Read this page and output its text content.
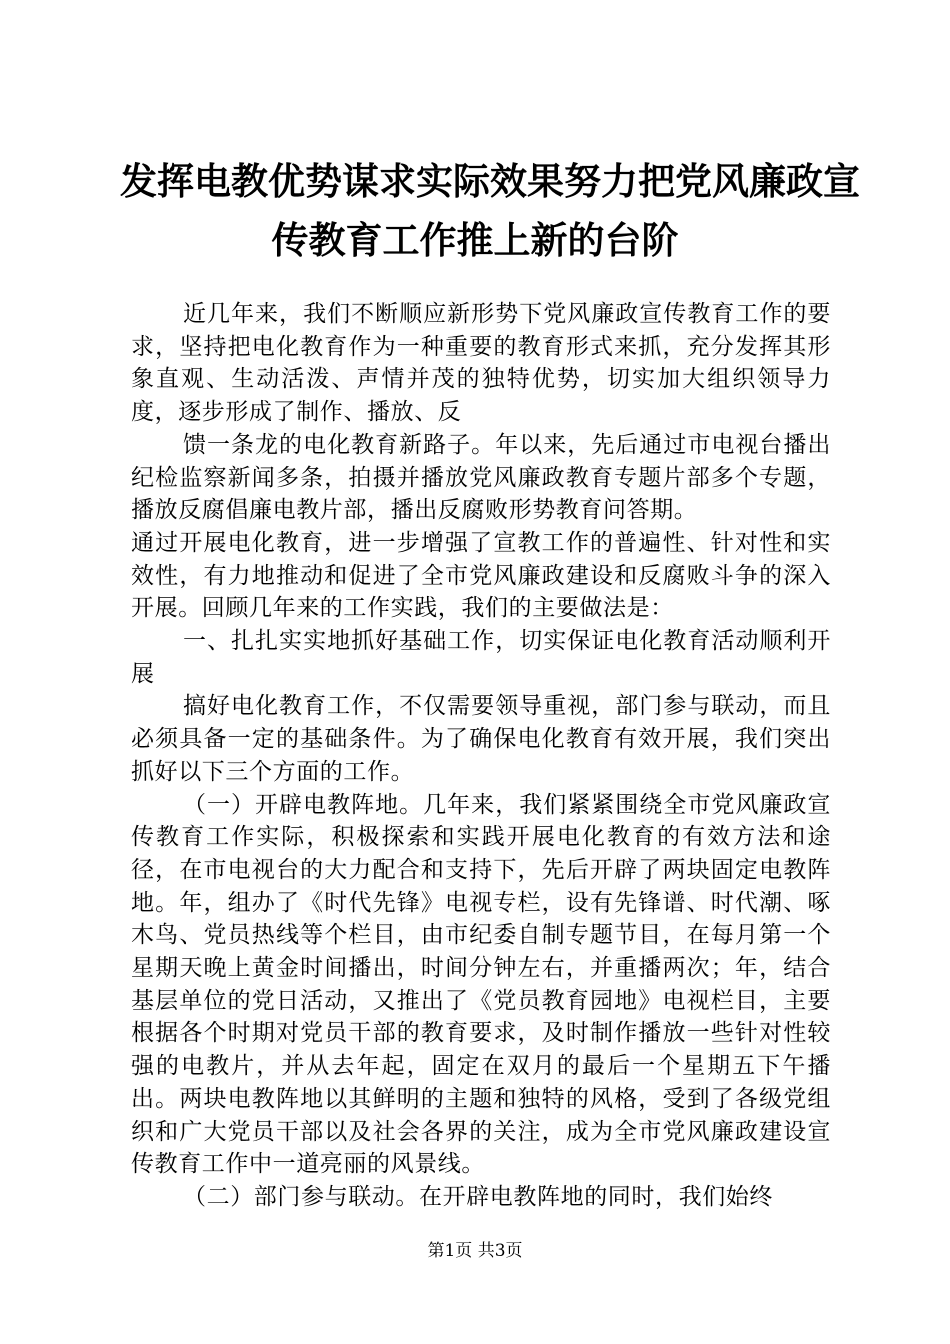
发挥电教优势谋求实际效果努力把党风廉政宣
传教育工作推上新的台阶

近几年来，我们不断顺应新形势下党风廉政宣传教育工作的要求，坚持把电化教育作为一种重要的教育形式来抓，充分发挥其形象直观、生动活泼、声情并茂的独特优势，切实加大组织领导力度，逐步形成了制作、播放、反

馈一条龙的电化教育新路子。年以来，先后通过市电视台播出纪检监察新闻多条，拍摄并播放党风廉政教育专题片部多个专题，播放反腐倡廉电教片部，播出反腐败形势教育问答期。

通过开展电化教育，进一步增强了宣教工作的普遍性、针对性和实效性，有力地推动和促进了全市党风廉政建设和反腐败斗争的深入开展。回顾几年来的工作实践，我们的主要做法是：

一、扎扎实实地抓好基础工作，切实保证电化教育活动顺利开展

搞好电化教育工作，不仅需要领导重视，部门参与联动，而且必须具备一定的基础条件。为了确保电化教育有效开展，我们突出抓好以下三个方面的工作。

（一）开辟电教阵地。几年来，我们紧紧围绕全市党风廉政宣传教育工作实际，积极探索和实践开展电化教育的有效方法和途径，在市电视台的大力配合和支持下，先后开辟了两块固定电教阵地。年，组办了《时代先锋》电视专栏，设有先锋谱、时代潮、啄木鸟、党员热线等个栏目，由市纪委自制专题节目，在每月第一个星期天晚上黄金时间播出，时间分钟左右，并重播两次；年，结合基层单位的党日活动，又推出了《党员教育园地》电视栏目，主要根据各个时期对党员干部的教育要求，及时制作播放一些针对性较强的电教片，并从去年起，固定在双月的最后一个星期五下午播出。两块电教阵地以其鲜明的主题和独特的风格，受到了各级党组织和广大党员干部以及社会各界的关注，成为全市党风廉政建设宣传教育工作中一道亮丽的风景线。

（二）部门参与联动。在开辟电教阵地的同时，我们始终

第1页 共3页
